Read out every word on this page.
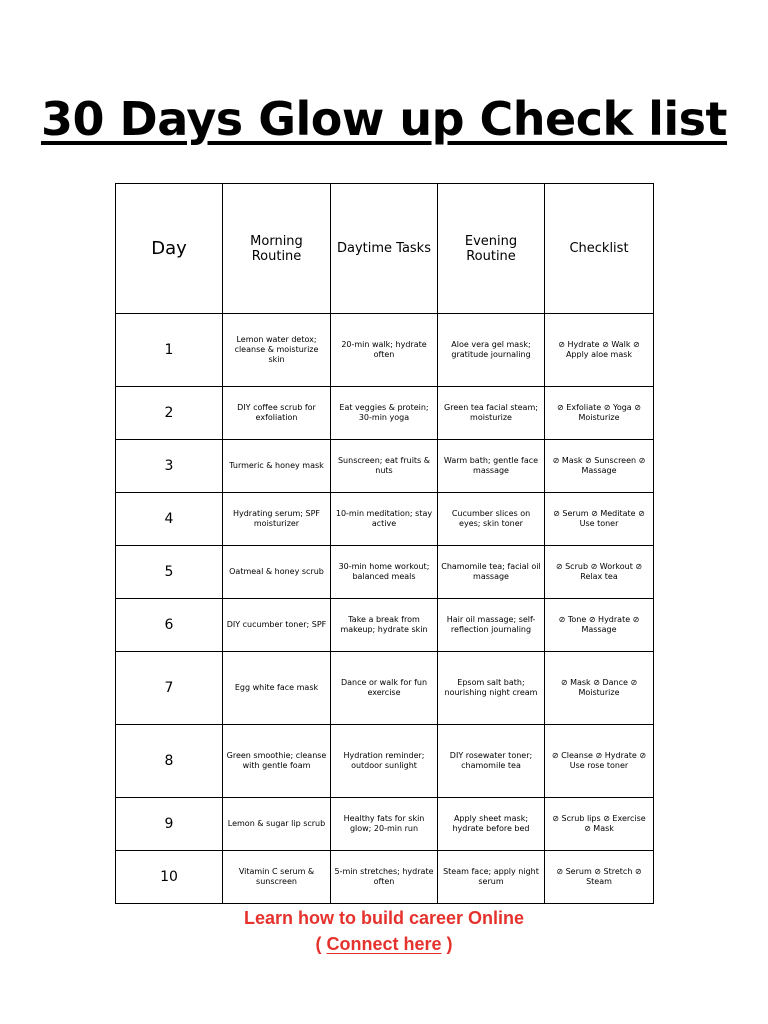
30 Days Glow up Check list
Day	Morning Routine	Daytime Tasks	Evening Routine	Checklist
1	Lemon water detox; cleanse & moisturize skin	20-min walk; hydrate often	Aloe vera gel mask; gratitude journaling	⊘ Hydrate ⊘ Walk ⊘ Apply aloe mask
2	DIY coffee scrub for exfoliation	Eat veggies & protein; 30-min yoga	Green tea facial steam; moisturize	⊘ Exfoliate ⊘ Yoga ⊘ Moisturize
3	Turmeric & honey mask	Sunscreen; eat fruits & nuts	Warm bath; gentle face massage	⊘ Mask ⊘ Sunscreen ⊘ Massage
4	Hydrating serum; SPF moisturizer	10-min meditation; stay active	Cucumber slices on eyes; skin toner	⊘ Serum ⊘ Meditate ⊘ Use toner
5	Oatmeal & honey scrub	30-min home workout; balanced meals	Chamomile tea; facial oil massage	⊘ Scrub ⊘ Workout ⊘ Relax tea
6	DIY cucumber toner; SPF	Take a break from makeup; hydrate skin	Hair oil massage; self-reflection journaling	⊘ Tone ⊘ Hydrate ⊘ Massage
7	Egg white face mask	Dance or walk for fun exercise	Epsom salt bath; nourishing night cream	⊘ Mask ⊘ Dance ⊘ Moisturize
8	Green smoothie; cleanse with gentle foam	Hydration reminder; outdoor sunlight	DIY rosewater toner; chamomile tea	⊘ Cleanse ⊘ Hydrate ⊘ Use rose toner
9	Lemon & sugar lip scrub	Healthy fats for skin glow; 20-min run	Apply sheet mask; hydrate before bed	⊘ Scrub lips ⊘ Exercise ⊘ Mask
10	Vitamin C serum & sunscreen	5-min stretches; hydrate often	Steam face; apply night serum	⊘ Serum ⊘ Stretch ⊘ Steam
Learn how to build career Online
( Connect here )
